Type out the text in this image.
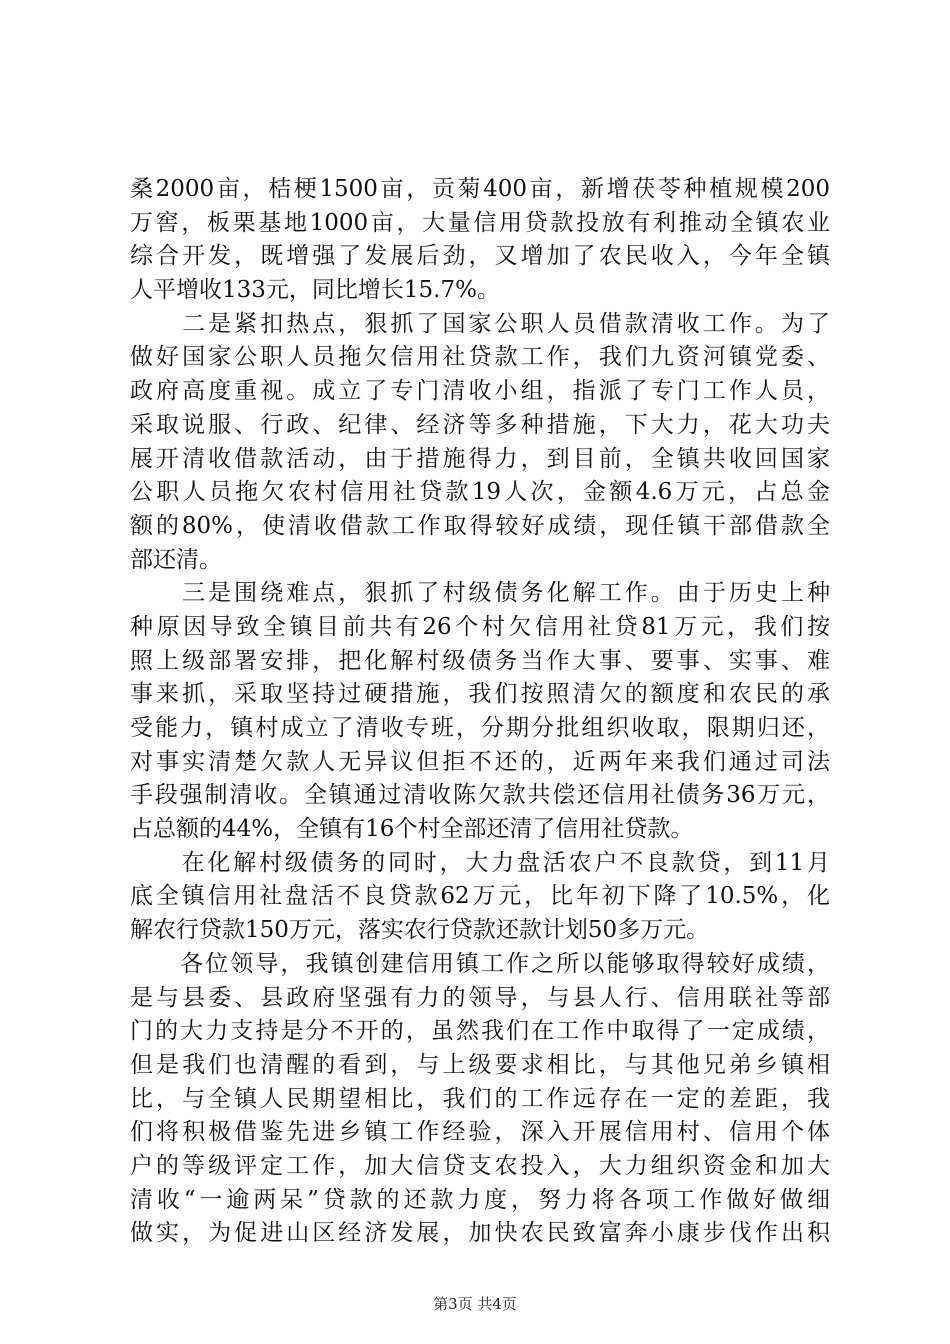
桑2000亩，桔梗1500亩，贡菊400亩，新增茯苓种植规模200
万窖，板栗基地1000亩，大量信用贷款投放有利推动全镇农业
综合开发，既增强了发展后劲，又增加了农民收入，今年全镇
人平增收133元，同比增长15.7%。
　　二是紧扣热点，狠抓了国家公职人员借款清收工作。为了
做好国家公职人员拖欠信用社贷款工作，我们九资河镇党委、
政府高度重视。成立了专门清收小组，指派了专门工作人员，
采取说服、行政、纪律、经济等多种措施，下大力，花大功夫
展开清收借款活动，由于措施得力，到目前，全镇共收回国家
公职人员拖欠农村信用社贷款19人次，金额4.6万元，占总金
额的80%，使清收借款工作取得较好成绩，现任镇干部借款全
部还清。
　　三是围绕难点，狠抓了村级债务化解工作。由于历史上种
种原因导致全镇目前共有26个村欠信用社贷81万元，我们按
照上级部署安排，把化解村级债务当作大事、要事、实事、难
事来抓，采取坚持过硬措施，我们按照清欠的额度和农民的承
受能力，镇村成立了清收专班，分期分批组织收取，限期归还，
对事实清楚欠款人无异议但拒不还的，近两年来我们通过司法
手段强制清收。全镇通过清收陈欠款共偿还信用社债务36万元，
占总额的44%，全镇有16个村全部还清了信用社贷款。
　　在化解村级债务的同时，大力盘活农户不良款贷，到11月
底全镇信用社盘活不良贷款62万元，比年初下降了10.5%，化
解农行贷款150万元，落实农行贷款还款计划50多万元。
　　各位领导，我镇创建信用镇工作之所以能够取得较好成绩，
是与县委、县政府坚强有力的领导，与县人行、信用联社等部
门的大力支持是分不开的，虽然我们在工作中取得了一定成绩，
但是我们也清醒的看到，与上级要求相比，与其他兄弟乡镇相
比，与全镇人民期望相比，我们的工作远存在一定的差距，我
们将积极借鉴先进乡镇工作经验，深入开展信用村、信用个体
户的等级评定工作，加大信贷支农投入，大力组织资金和加大
清收“一逾两呆”贷款的还款力度，努力将各项工作做好做细
做实，为促进山区经济发展，加快农民致富奔小康步伐作出积
第3页 共4页
